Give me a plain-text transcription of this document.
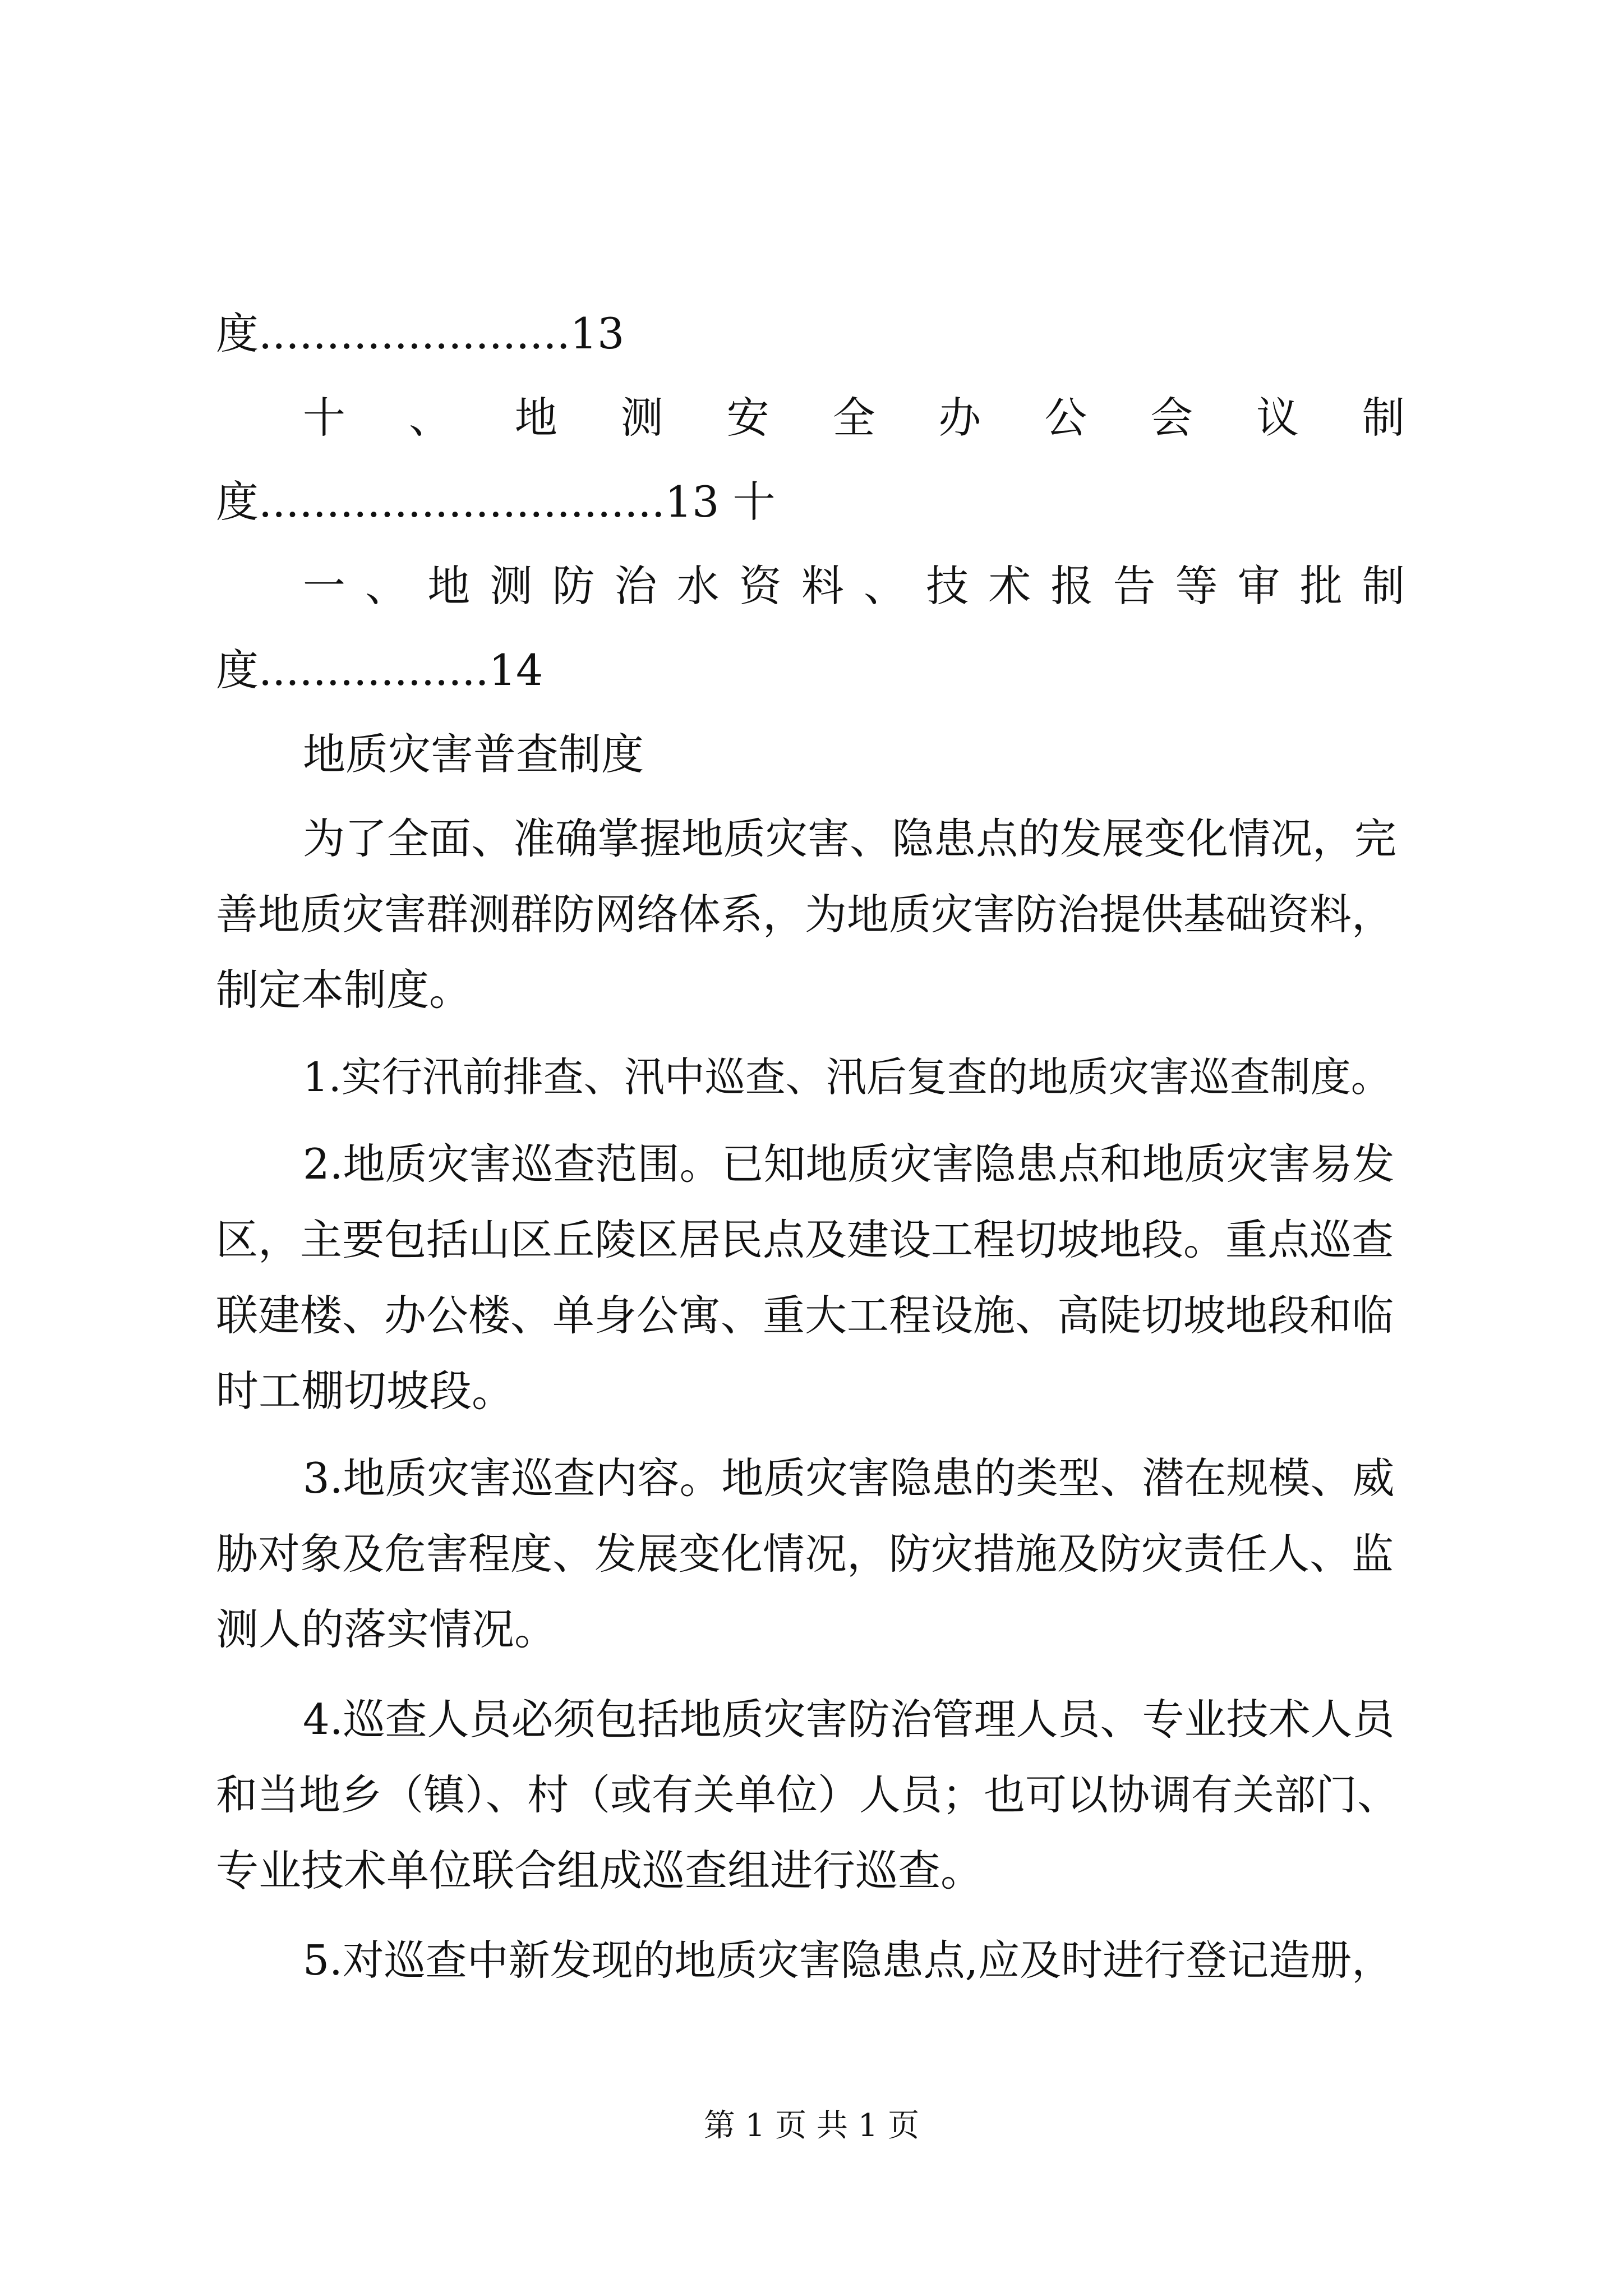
度.......................13
十 、 地 测 安 全 办 公 会 议 制
度..............................13 十
一 、 地 测 防 治 水 资 料 、 技 术 报 告 等 审 批 制
度.................14
地质灾害普查制度
为了全面、准确掌握地质灾害、隐患点的发展变化情况，完
善地质灾害群测群防网络体系，为地质灾害防治提供基础资料，
制定本制度。
1.实行汛前排查、汛中巡查、汛后复查的地质灾害巡查制度。
2.地质灾害巡查范围。已知地质灾害隐患点和地质灾害易发
区，主要包括山区丘陵区居民点及建设工程切坡地段。重点巡查
联建楼、办公楼、单身公寓、重大工程设施、高陡切坡地段和临
时工棚切坡段。
3.地质灾害巡查内容。地质灾害隐患的类型、潜在规模、威
胁对象及危害程度、发展变化情况，防灾措施及防灾责任人、监
测人的落实情况。
4.巡查人员必须包括地质灾害防治管理人员、专业技术人员
和当地乡（镇）、村（或有关单位）人员；也可以协调有关部门、
专业技术单位联合组成巡查组进行巡查。
5.对巡查中新发现的地质灾害隐患点,应及时进行登记造册，
第 1 页 共 1 页
